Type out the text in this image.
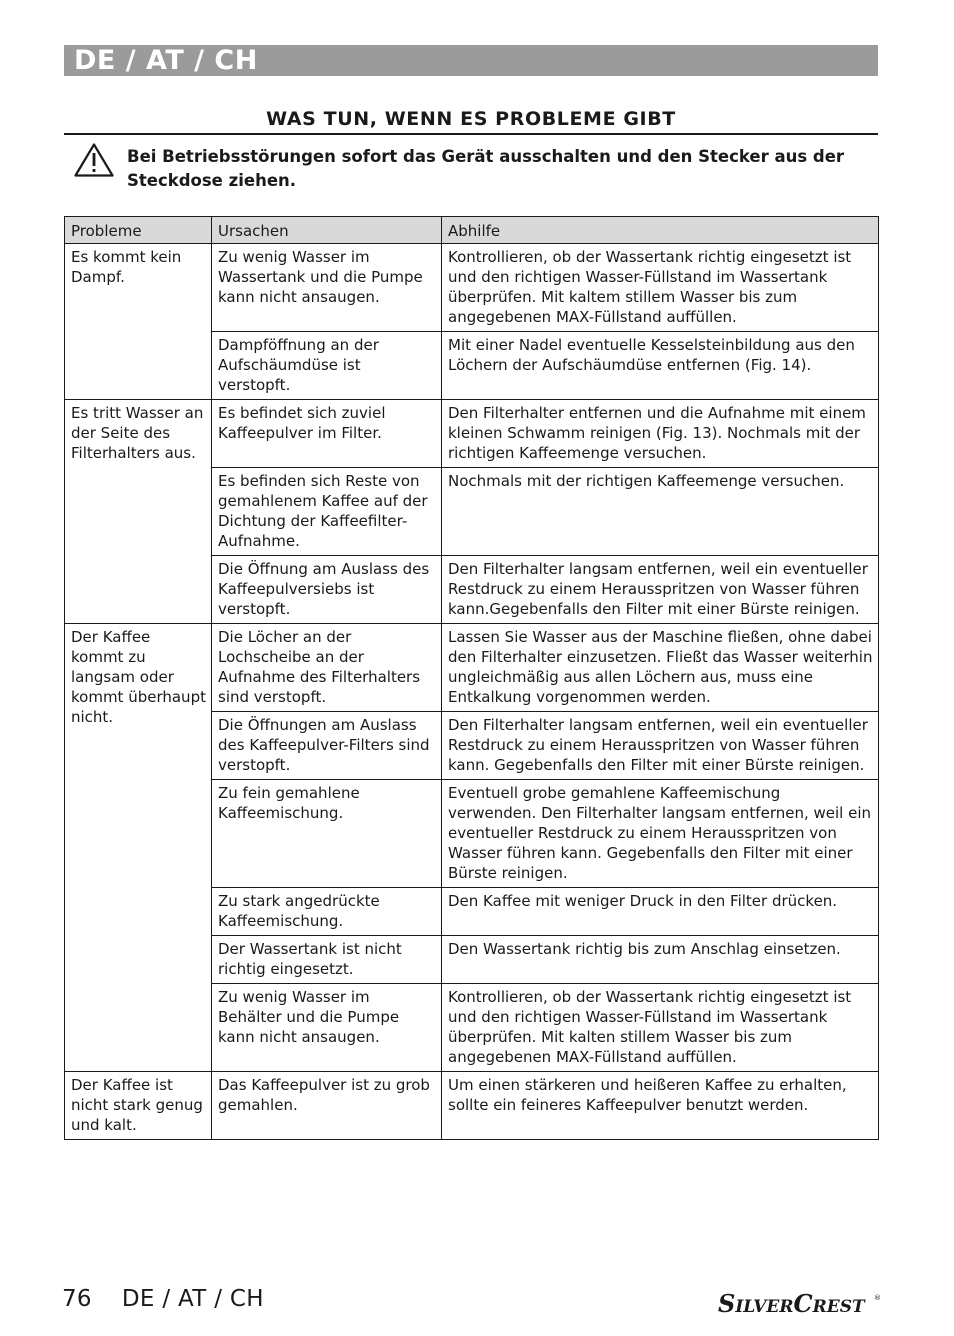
DE / AT / CH
WAS TUN, WENN ES PROBLEME GIBT
Bei Betriebsstörungen sofort das Gerät ausschalten und den Stecker aus der Steckdose ziehen.
Probleme	Ursachen	Abhilfe
Es kommt kein Dampf.	Zu wenig Wasser im Wassertank und die Pumpe kann nicht ansaugen.	Kontrollieren, ob der Wassertank richtig eingesetzt ist und den richtigen Wasser-Füllstand im Wassertank überprüfen. Mit kaltem stillem Wasser bis zum angegebenen MAX-Füllstand auffüllen.
	Dampföffnung an der Aufschäumdüse ist verstopft.	Mit einer Nadel eventuelle Kesselsteinbildung aus den Löchern der Aufschäumdüse entfernen (Fig. 14).
Es tritt Wasser an der Seite des Filterhalters aus.	Es befindet sich zuviel Kaffeepulver im Filter.	Den Filterhalter entfernen und die Aufnahme mit einem kleinen Schwamm reinigen (Fig. 13). Nochmals mit der richtigen Kaffeemenge versuchen.
	Es befinden sich Reste von gemahlenem Kaffee auf der Dichtung der Kaffeefilter-Aufnahme.	Nochmals mit der richtigen Kaffeemenge versuchen.
	Die Öffnung am Auslass des Kaffeepulversiebs ist verstopft.	Den Filterhalter langsam entfernen, weil ein eventueller Restdruck zu einem Herausspritzen von Wasser führen kann.Gegebenfalls den Filter mit einer Bürste reinigen.
Der Kaffee kommt zu langsam oder kommt überhaupt nicht.	Die Löcher an der Lochscheibe an der Aufnahme des Filterhalters sind verstopft.	Lassen Sie Wasser aus der Maschine fließen, ohne dabei den Filterhalter einzusetzen. Fließt das Wasser weiterhin ungleichmäßig aus allen Löchern aus, muss eine Entkalkung vorgenommen werden.
	Die Öffnungen am Auslass des Kaffeepulver-Filters sind verstopft.	Den Filterhalter langsam entfernen, weil ein eventueller Restdruck zu einem Herausspritzen von Wasser führen kann. Gegebenfalls den Filter mit einer Bürste reinigen.
	Zu fein gemahlene Kaffeemischung.	Eventuell grobe gemahlene Kaffeemischung verwenden. Den Filterhalter langsam entfernen, weil ein eventueller Restdruck zu einem Herausspritzen von Wasser führen kann. Gegebenfalls den Filter mit einer Bürste reinigen.
	Zu stark angedrückte Kaffeemischung.	Den Kaffee mit weniger Druck in den Filter drücken.
	Der Wassertank ist nicht richtig eingesetzt.	Den Wassertank richtig bis zum Anschlag einsetzen.
	Zu wenig Wasser im Behälter und die Pumpe kann nicht ansaugen.	Kontrollieren, ob der Wassertank richtig eingesetzt ist und den richtigen Wasser-Füllstand im Wassertank überprüfen. Mit kalten stillem Wasser bis zum angegebenen MAX-Füllstand auffüllen.
Der Kaffee ist nicht stark genug und kalt.	Das Kaffeepulver ist zu grob gemahlen.	Um einen stärkeren und heißeren Kaffee zu erhalten, sollte ein feineres Kaffeepulver benutzt werden.
76 DE / AT / CH	SILVERCREST ®
